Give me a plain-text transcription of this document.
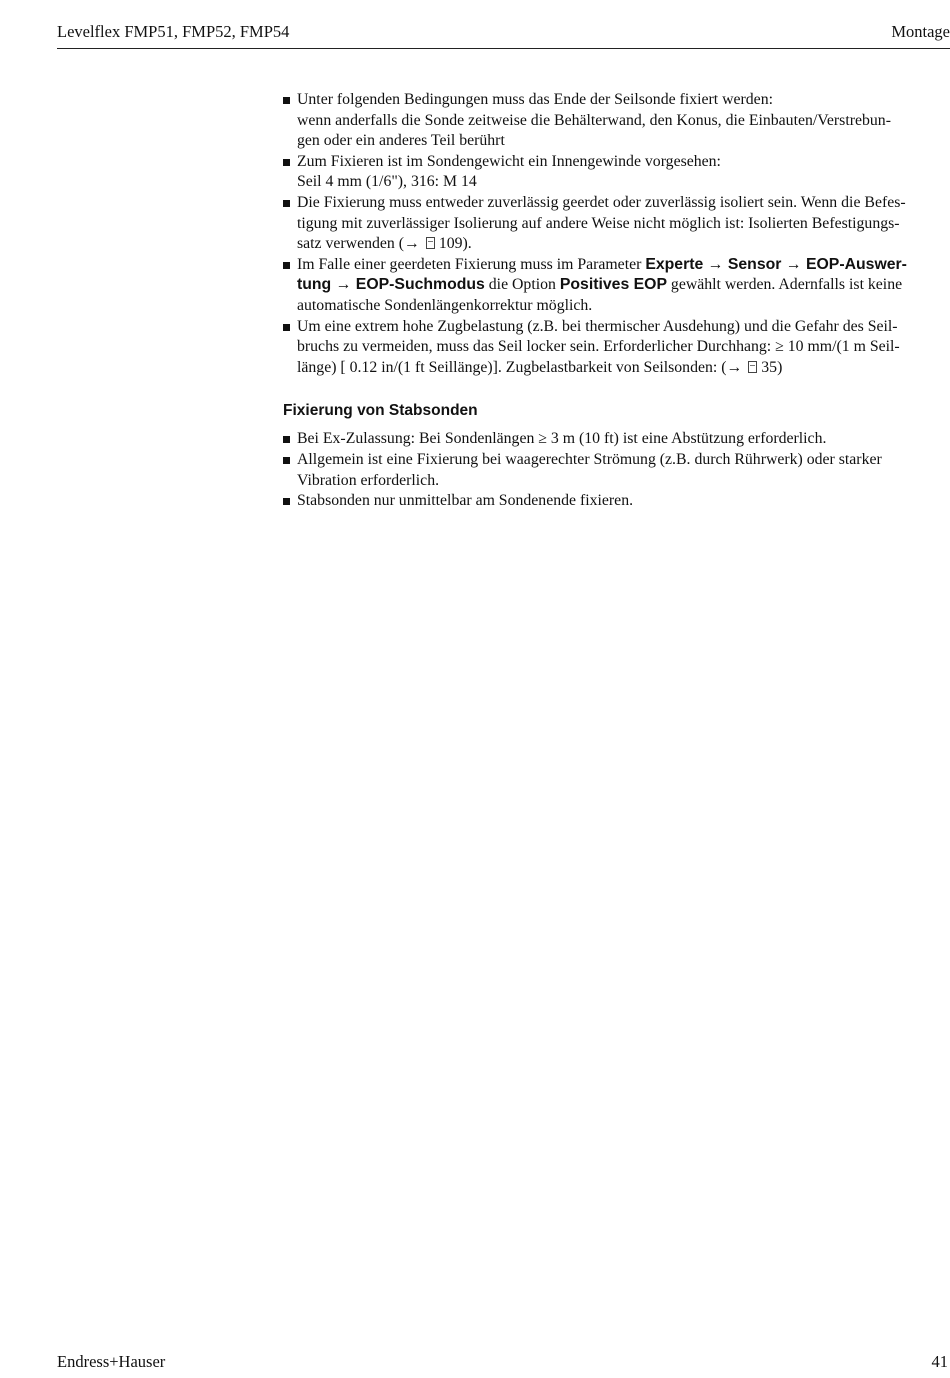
Levelflex FMP51, FMP52, FMP54	Montage
Unter folgenden Bedingungen muss das Ende der Seilsonde fixiert werden:
wenn anderfalls die Sonde zeitweise die Behälterwand, den Konus, die Einbauten/Verstrebun-
gen oder ein anderes Teil berührt
Zum Fixieren ist im Sondengewicht ein Innengewinde vorgesehen:
Seil 4 mm (1/6"), 316: M 14
Die Fixierung muss entweder zuverlässig geerdet oder zuverlässig isoliert sein. Wenn die Befes-
tigung mit zuverlässiger Isolierung auf andere Weise nicht möglich ist: Isolierten Befestigungs-
satz verwenden (→ 109).
Im Falle einer geerdeten Fixierung muss im Parameter Experte → Sensor → EOP-Auswer-
tung → EOP-Suchmodus die Option Positives EOP gewählt werden. Adernfalls ist keine
automatische Sondenlängenkorrektur möglich.
Um eine extrem hohe Zugbelastung (z.B. bei thermischer Ausdehung) und die Gefahr des Seil-
bruchs zu vermeiden, muss das Seil locker sein. Erforderlicher Durchhang: ≥ 10 mm/(1 m Seil-
länge) [ 0.12 in/(1 ft Seillänge)]. Zugbelastbarkeit von Seilsonden: (→ 35)
Fixierung von Stabsonden
Bei Ex-Zulassung: Bei Sondenlängen ≥ 3 m (10 ft) ist eine Abstützung erforderlich.
Allgemein ist eine Fixierung bei waagerechter Strömung (z.B. durch Rührwerk) oder starker
Vibration erforderlich.
Stabsonden nur unmittelbar am Sondenende fixieren.
Endress+Hauser	41
